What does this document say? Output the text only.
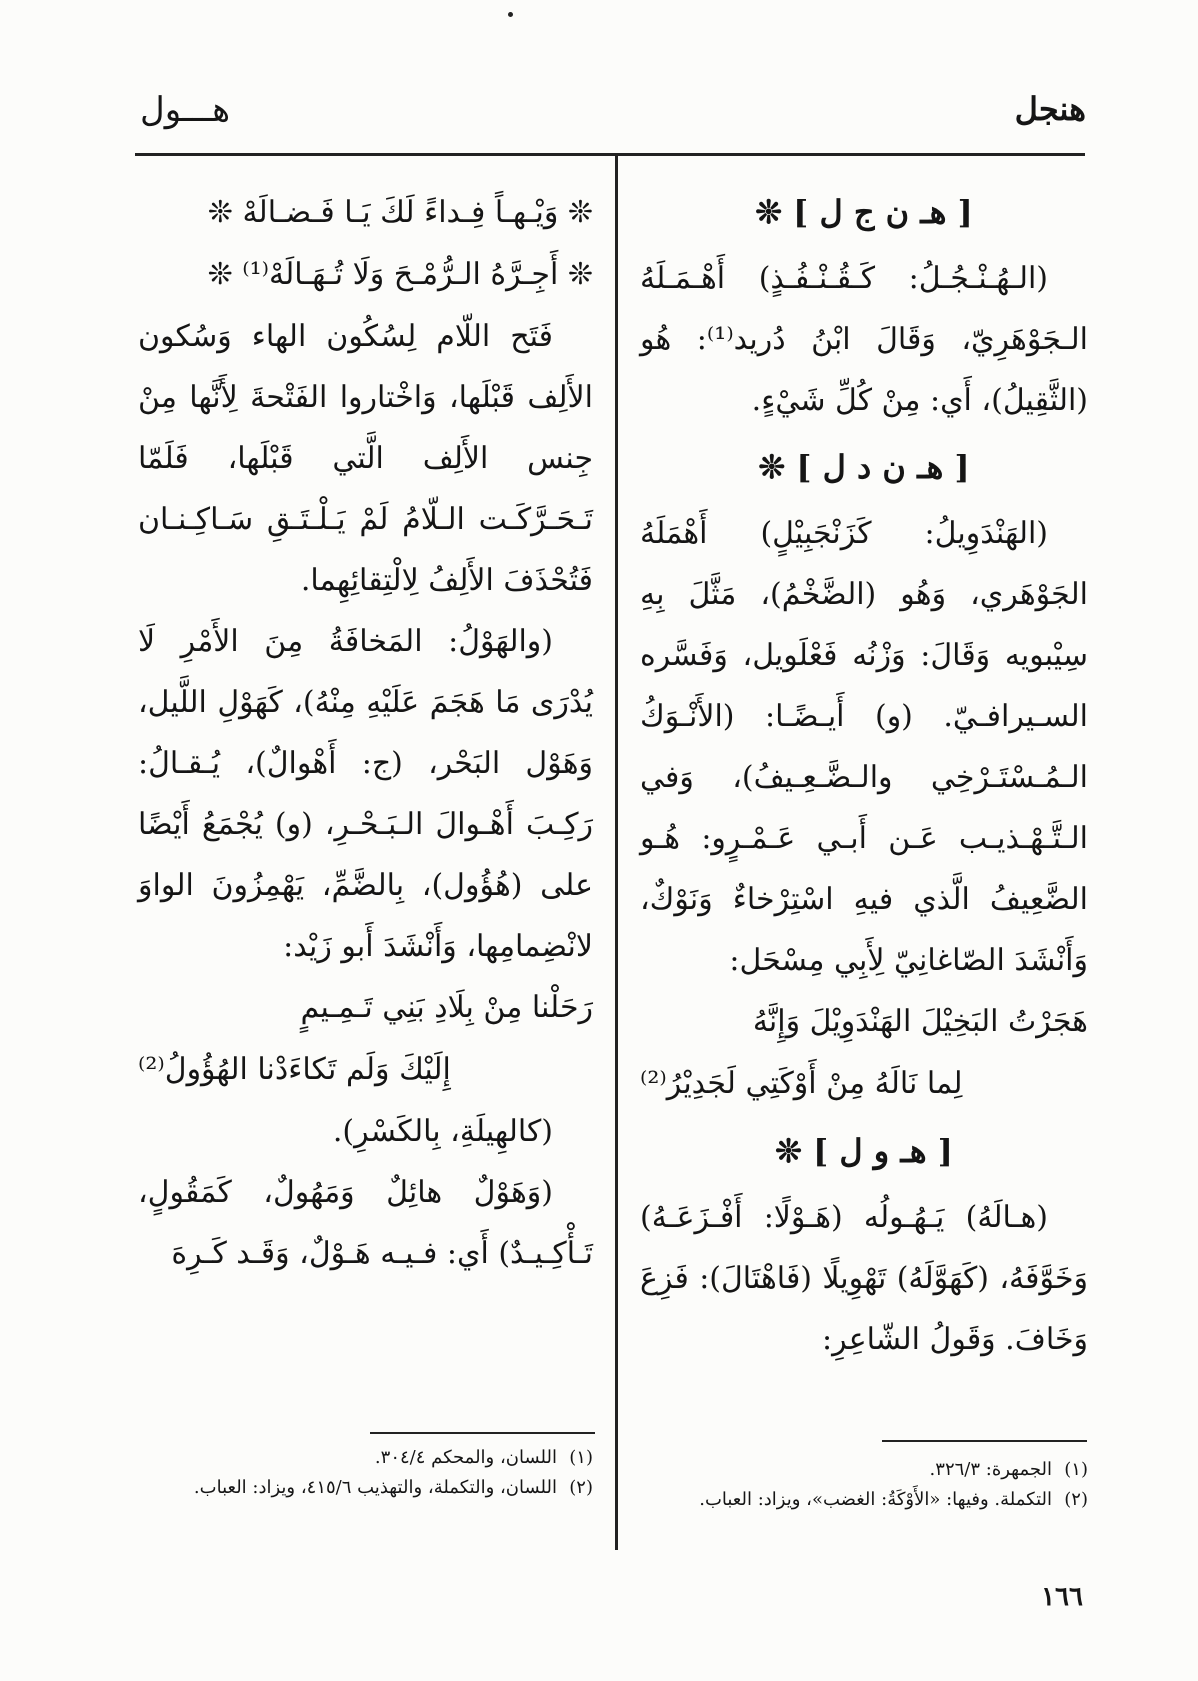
هنجل
هـــول
[ هـ ن ج ل ] ❊

(الـهُـنْـجُـلُ: كَـقُـنْـفُـذٍ) أَهْـمَـلَهُ الـجَوْهَرِيّ، وَقَالَ ابْنُ دُريد⁽¹⁾: هُو (الثَّقِيلُ)، أَي: مِنْ كُلِّ شَيْءٍ.

[ هـ ن د ل ] ❊

(الهَنْدَوِيلُ: كَزَنْجَبِيْلٍ) أَهْمَلَهُ الجَوْهَري، وَهُو (الضَّخْمُ)، مَثَّلَ بِهِ سِيْبويه وَقَالَ: وَزْنُه فَعْلَويل، وَفَسَّره السـيرافـيّ. (و) أَيـضًـا: (الأَنْـوَكُ الـمُـسْتَـرْخِي والـضَّـعِـيفُ)، وَفي الـتَّـهْـذيـب عَـن أَبـي عَـمْـرٍو: هُـو الضَّعِيفُ الَّذي فيهِ اسْتِرْخاءٌ وَنَوْكٌ، وَأَنْشَدَ الصّاغانِيّ لِأَبِي مِسْحَل:

هَجَرْتُ البَخِيْلَ الهَنْدَوِيْلَ وَإِنَّهُ
لِما نَالَهُ مِنْ أَوْكَتِي لَجَدِيْرُ⁽²⁾
[ هـ و ل ] ❊

(هـالَهُ) يَـهُـولُه (هَـوْلًا: أَفْـزَعَـهُ) وَخَوَّفَهُ، (كَهَوَّلَهُ) تَهْوِيلًا (فَاهْتَالَ): فَزِعَ وَخَافَ. وَقَولُ الشّاعِرِ:

❊ وَيْـهـاً فِـداءً لَكَ يَـا فَـضـالَهْ ❊
❊ أَجِـرَّهُ الـرُّمْـحَ وَلَا تُـهَـالَهْ⁽¹⁾ ❊

فَتَح اللّام لِسُكُون الهاء وَسُكون الأَلِف قَبْلَها، وَاخْتاروا الفَتْحةَ لِأَنَّها مِنْ جِنس الأَلِف الَّتي قَبْلَها، فَلَمّا تَـحَـرَّكَـت الـلّامُ لَمْ يَـلْـتَـقِ سَـاكِـنـان فَتُحْذَفَ الأَلِفُ لِالْتِقائِهِما.

(والهَوْلُ: المَخافَةُ مِنَ الأَمْرِ لَا يُدْرَى مَا هَجَمَ عَلَيْهِ مِنْهُ)، كَهَوْلِ اللَّيل، وَهَوْل البَحْر، (ج: أَهْوالٌ)، يُـقـالُ: رَكِـبَ أَهْـوالَ الـبَـحْـرِ، (و) يُجْمَعُ أَيْضًا على (هُؤُول)، بِالضَّمِّ، يَهْمِزُونَ الواوَ لانْضِمامِها، وَأَنْشَدَ أَبو زَيْد:

رَحَلْنا مِنْ بِلَادِ بَنِي تَـمِـيمٍ
إِلَيْكَ وَلَم تَكاءَدْنا الهُؤُولُ⁽²⁾

(كالهِيلَةِ، بِالكَسْرِ).

(وَهَوْلٌ هائِلٌ وَمَهُولٌ، كَمَقُولٍ، تَـأْكِـيـدٌ) أَي: فـيـه هَـوْلٌ، وَقَـد كَـرِهَ

(١)
الجمهرة: ٣٢٦/٣.
(٢)
التكملة. وفيها: «الأَوْكَةُ: الغضب»، ويزاد: العباب.
(١)
اللسان، والمحكم ٣٠٤/٤.
(٢)
اللسان، والتكملة، والتهذيب ٤١٥/٦، ويزاد: العباب.
١٦٦
